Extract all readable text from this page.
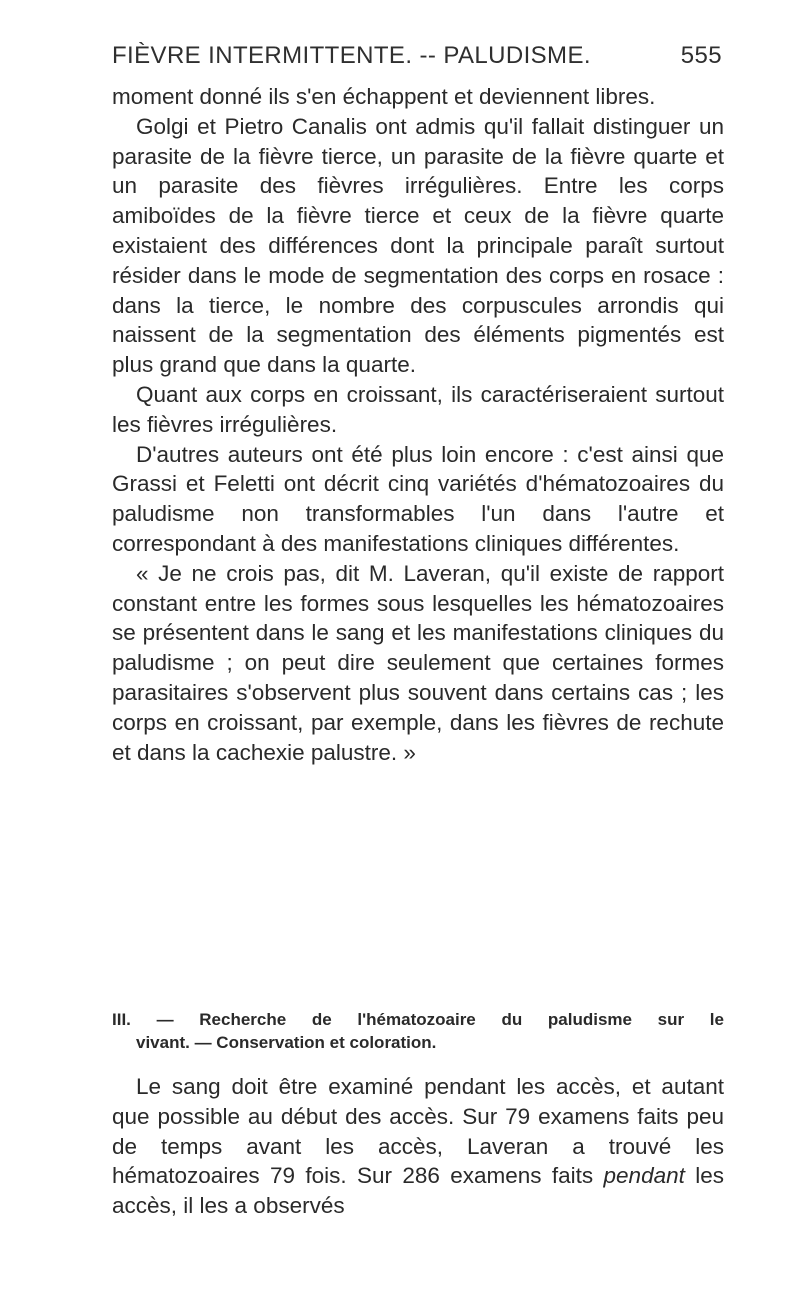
FIÈVRE INTERMITTENTE. -- PALUDISME.	555

moment donné ils s'en échappent et deviennent libres.

Golgi et Pietro Canalis ont admis qu'il fallait distinguer un parasite de la fièvre tierce, un parasite de la fièvre quarte et un parasite des fièvres irrégulières. Entre les corps amiboïdes de la fièvre tierce et ceux de la fièvre quarte existaient des différences dont la principale paraît surtout résider dans le mode de segmentation des corps en rosace : dans la tierce, le nombre des corpuscules arrondis qui naissent de la segmentation des éléments pigmentés est plus grand que dans la quarte.

Quant aux corps en croissant, ils caractériseraient surtout les fièvres irrégulières.

D'autres auteurs ont été plus loin encore : c'est ainsi que Grassi et Feletti ont décrit cinq variétés d'hématozoaires du paludisme non transformables l'un dans l'autre et correspondant à des manifestations cliniques différentes.

« Je ne crois pas, dit M. Laveran, qu'il existe de rapport constant entre les formes sous lesquelles les hématozoaires se présentent dans le sang et les manifestations cliniques du paludisme ; on peut dire seulement que certaines formes parasitaires s'observent plus souvent dans certains cas ; les corps en croissant, par exemple, dans les fièvres de rechute et dans la cachexie palustre. »

III. — Recherche de l'hématozoaire du paludisme sur le
vivant. — Conservation et coloration.

Le sang doit être examiné pendant les accès, et autant que possible au début des accès. Sur 79 examens faits peu de temps avant les accès, Laveran a trouvé les hématozoaires 79 fois. Sur 286 examens faits pendant les accès, il les a observés
